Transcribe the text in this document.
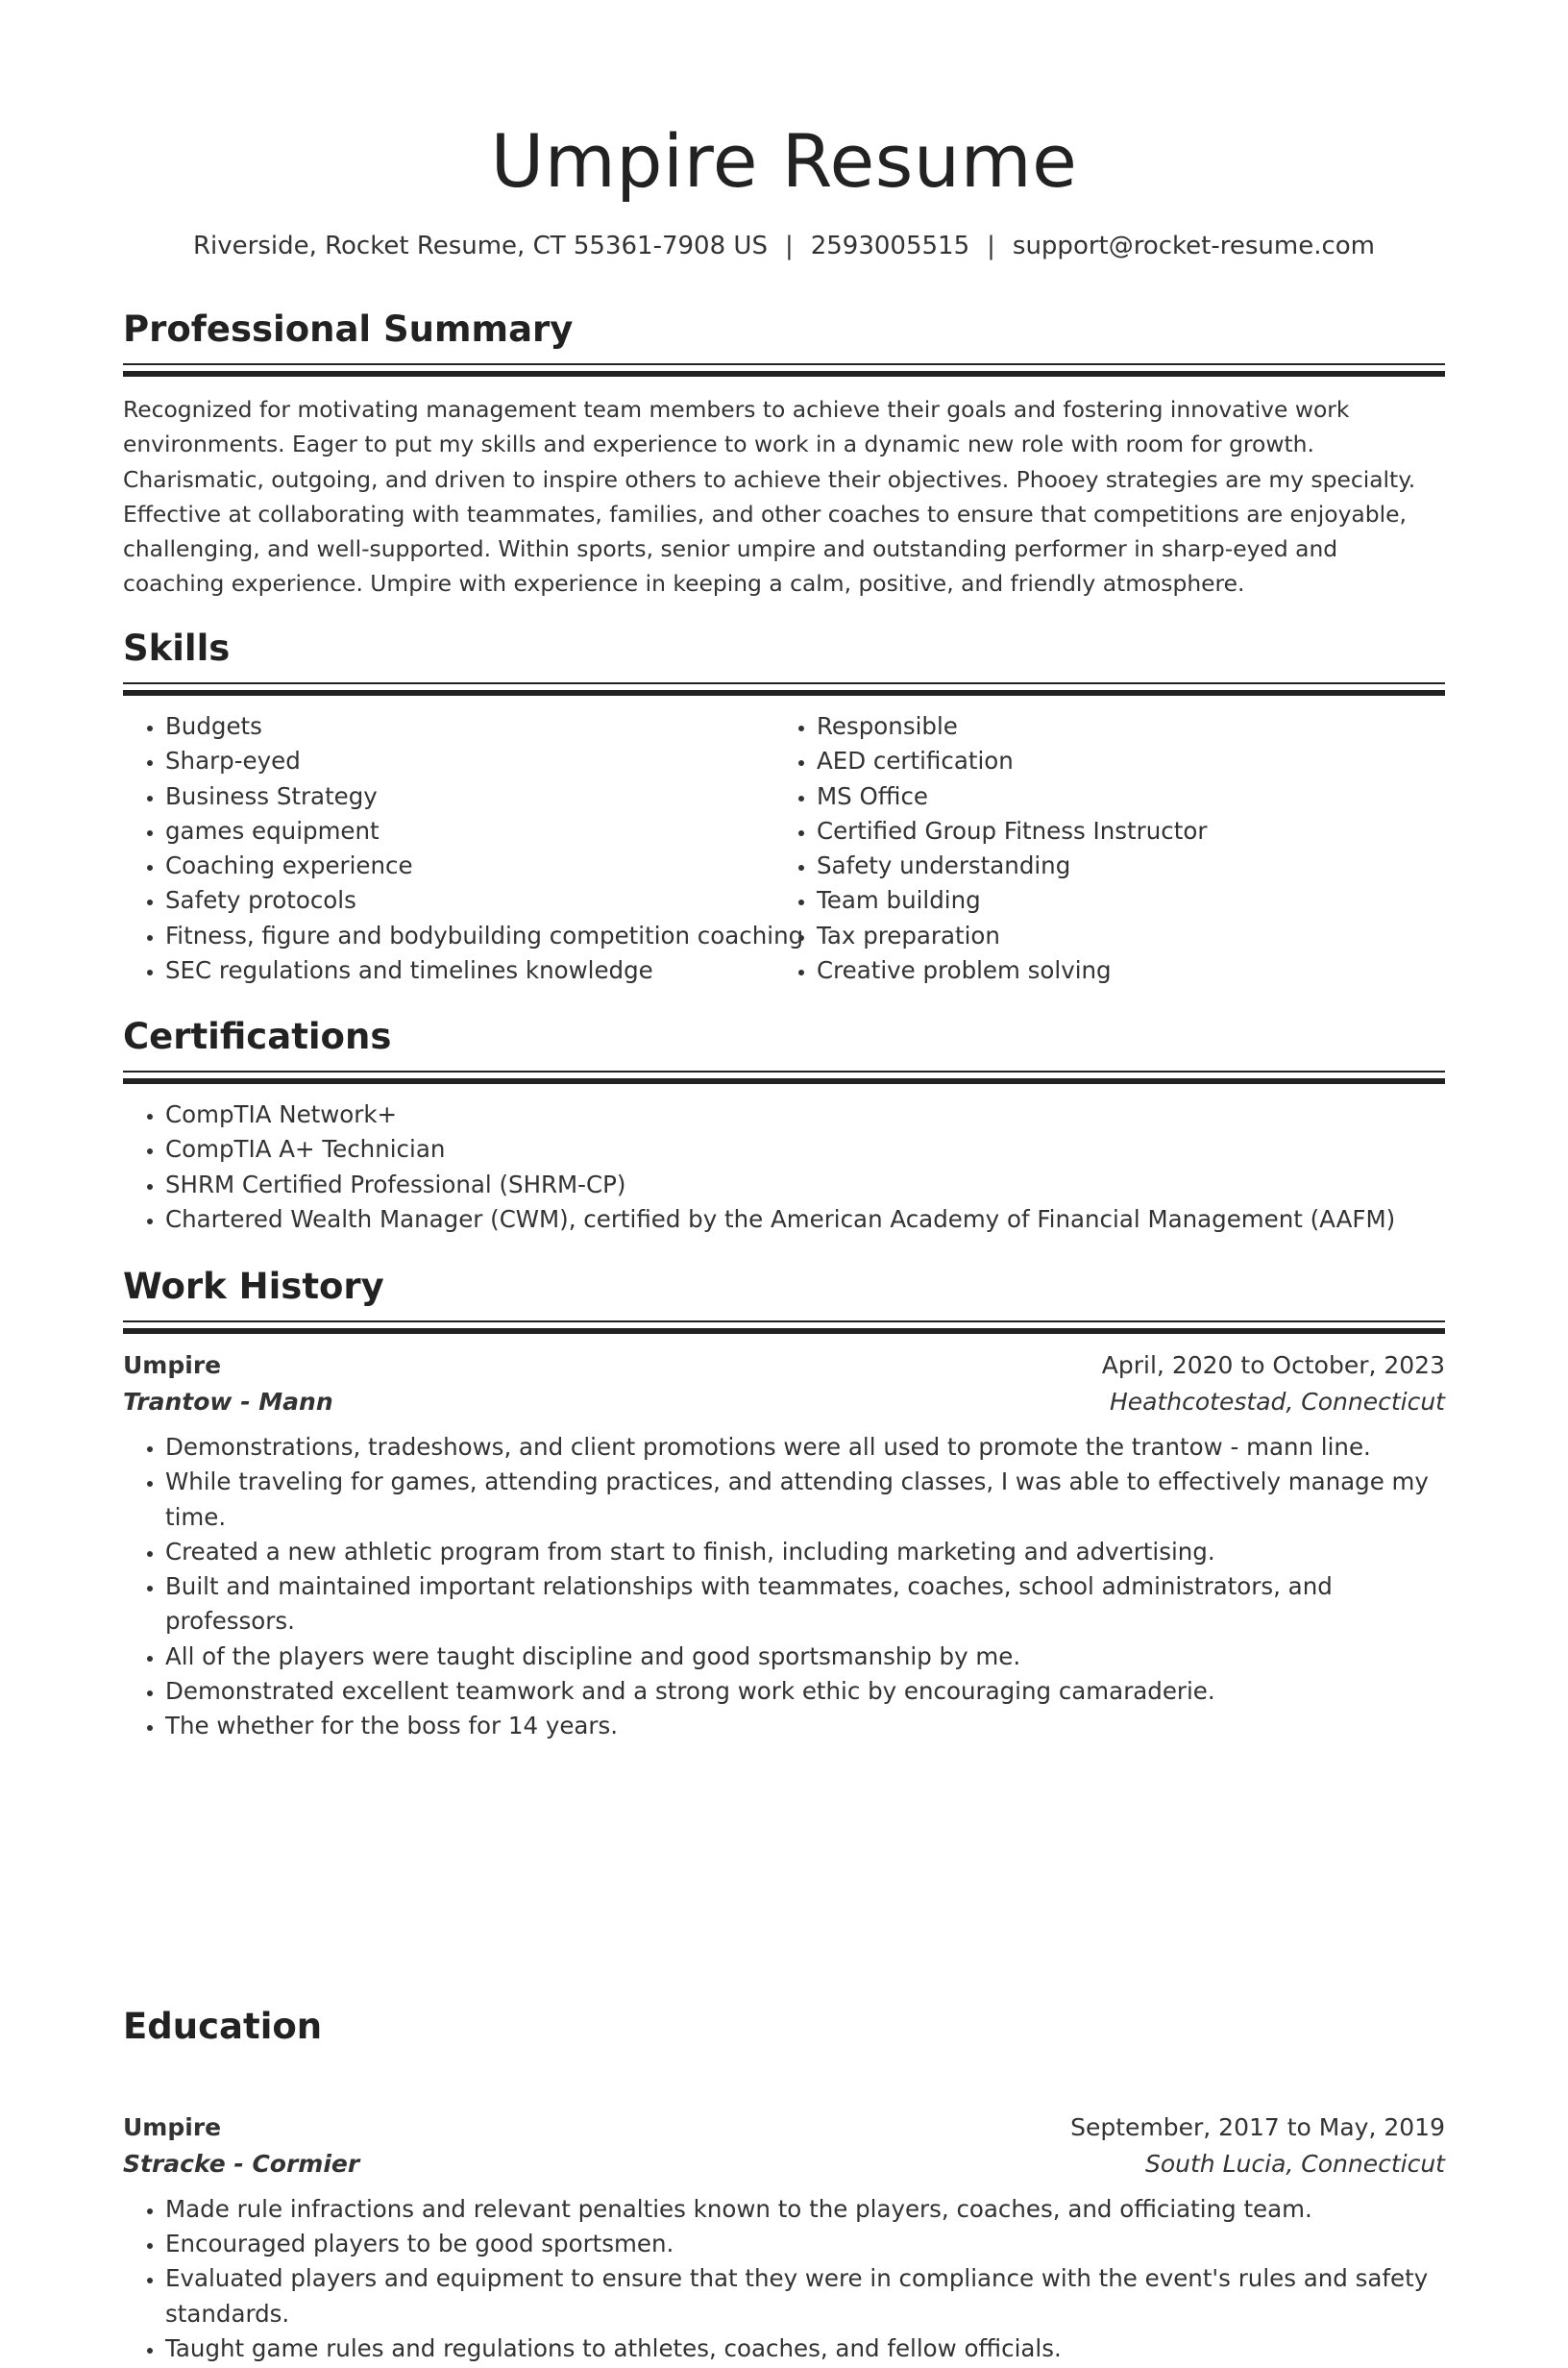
Umpire Resume
Riverside, Rocket Resume, CT 55361-7908 US | 2593005515 | support@rocket-resume.com
Professional Summary

Recognized for motivating management team members to achieve their goals and fostering innovative work environments. Eager to put my skills and experience to work in a dynamic new role with room for growth. Charismatic, outgoing, and driven to inspire others to achieve their objectives. Phooey strategies are my specialty. Effective at collaborating with teammates, families, and other coaches to ensure that competitions are enjoyable, challenging, and well-supported. Within sports, senior umpire and outstanding performer in sharp-eyed and coaching experience. Umpire with experience in keeping a calm, positive, and friendly atmosphere.

Skills
• Budgets
• Sharp-eyed
• Business Strategy
• games equipment
• Coaching experience
• Safety protocols
• Fitness, figure and bodybuilding competition coaching
• SEC regulations and timelines knowledge
• Responsible
• AED certification
• MS Office
• Certified Group Fitness Instructor
• Safety understanding
• Team building
• Tax preparation
• Creative problem solving
Certifications
• CompTIA Network+
• CompTIA A+ Technician
• SHRM Certified Professional (SHRM-CP)
• Chartered Wealth Manager (CWM), certified by the American Academy of Financial Management (AAFM)
Work History
Umpire	April, 2020 to October, 2023
Trantow - Mann	Heathcotestad, Connecticut
• Demonstrations, tradeshows, and client promotions were all used to promote the trantow - mann line.
• While traveling for games, attending practices, and attending classes, I was able to effectively manage my time.
• Created a new athletic program from start to finish, including marketing and advertising.
• Built and maintained important relationships with teammates, coaches, school administrators, and professors.
• All of the players were taught discipline and good sportsmanship by me.
• Demonstrated excellent teamwork and a strong work ethic by encouraging camaraderie.
• The whether for the boss for 14 years.
Umpire	September, 2017 to May, 2019
Stracke - Cormier	South Lucia, Connecticut
• Made rule infractions and relevant penalties known to the players, coaches, and officiating team.
• Encouraged players to be good sportsmen.
• Evaluated players and equipment to ensure that they were in compliance with the event's rules and safety standards.
• Taught game rules and regulations to athletes, coaches, and fellow officials.
Education
